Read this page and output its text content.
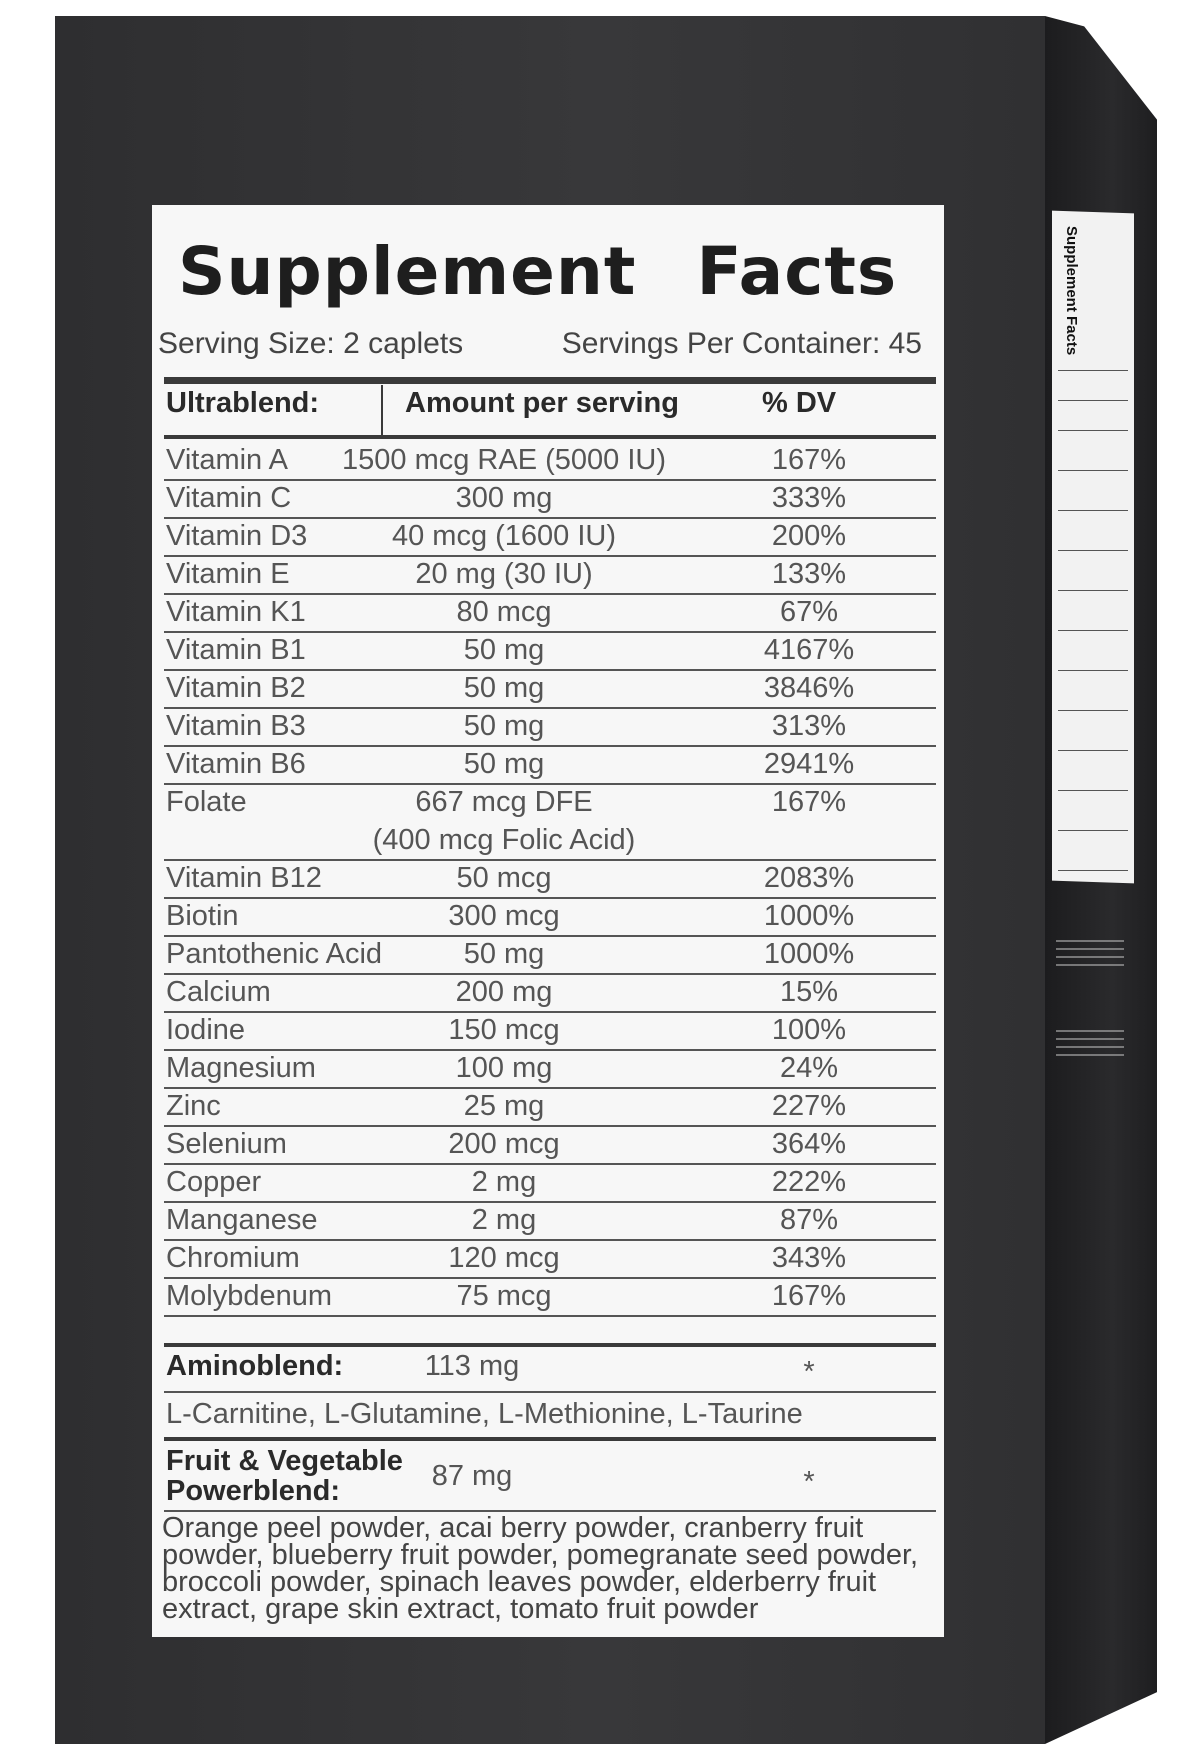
Supplement Facts
Supplement Facts
Serving Size: 2 caplets	Servings Per Container: 45
Ultrablend:	Amount per serving	% DV
Vitamin A	1500 mcg RAE (5000 IU)	167%
Vitamin C	300 mg	333%
Vitamin D3	40 mcg (1600 IU)	200%
Vitamin E	20 mg (30 IU)	133%
Vitamin K1	80 mcg	67%
Vitamin B1	50 mg	4167%
Vitamin B2	50 mg	3846%
Vitamin B3	50 mg	313%
Vitamin B6	50 mg	2941%
Folate	667 mcg DFE	167%
(400 mcg Folic Acid)
Vitamin B12	50 mcg	2083%
Biotin	300 mcg	1000%
Pantothenic Acid	50 mg	1000%
Calcium	200 mg	15%
Iodine	150 mcg	100%
Magnesium	100 mg	24%
Zinc	25 mg	227%
Selenium	200 mcg	364%
Copper	2 mg	222%
Manganese	2 mg	87%
Chromium	120 mcg	343%
Molybdenum	75 mcg	167%
Aminoblend:	113 mg	*
L-Carnitine, L-Glutamine, L-Methionine, L-Taurine
Fruit & Vegetable
Powerblend:	87 mg	*
Orange peel powder, acai berry powder, cranberry fruit powder, blueberry fruit powder, pomegranate seed powder, broccoli powder, spinach leaves powder, elderberry fruit extract, grape skin extract, tomato fruit powder
